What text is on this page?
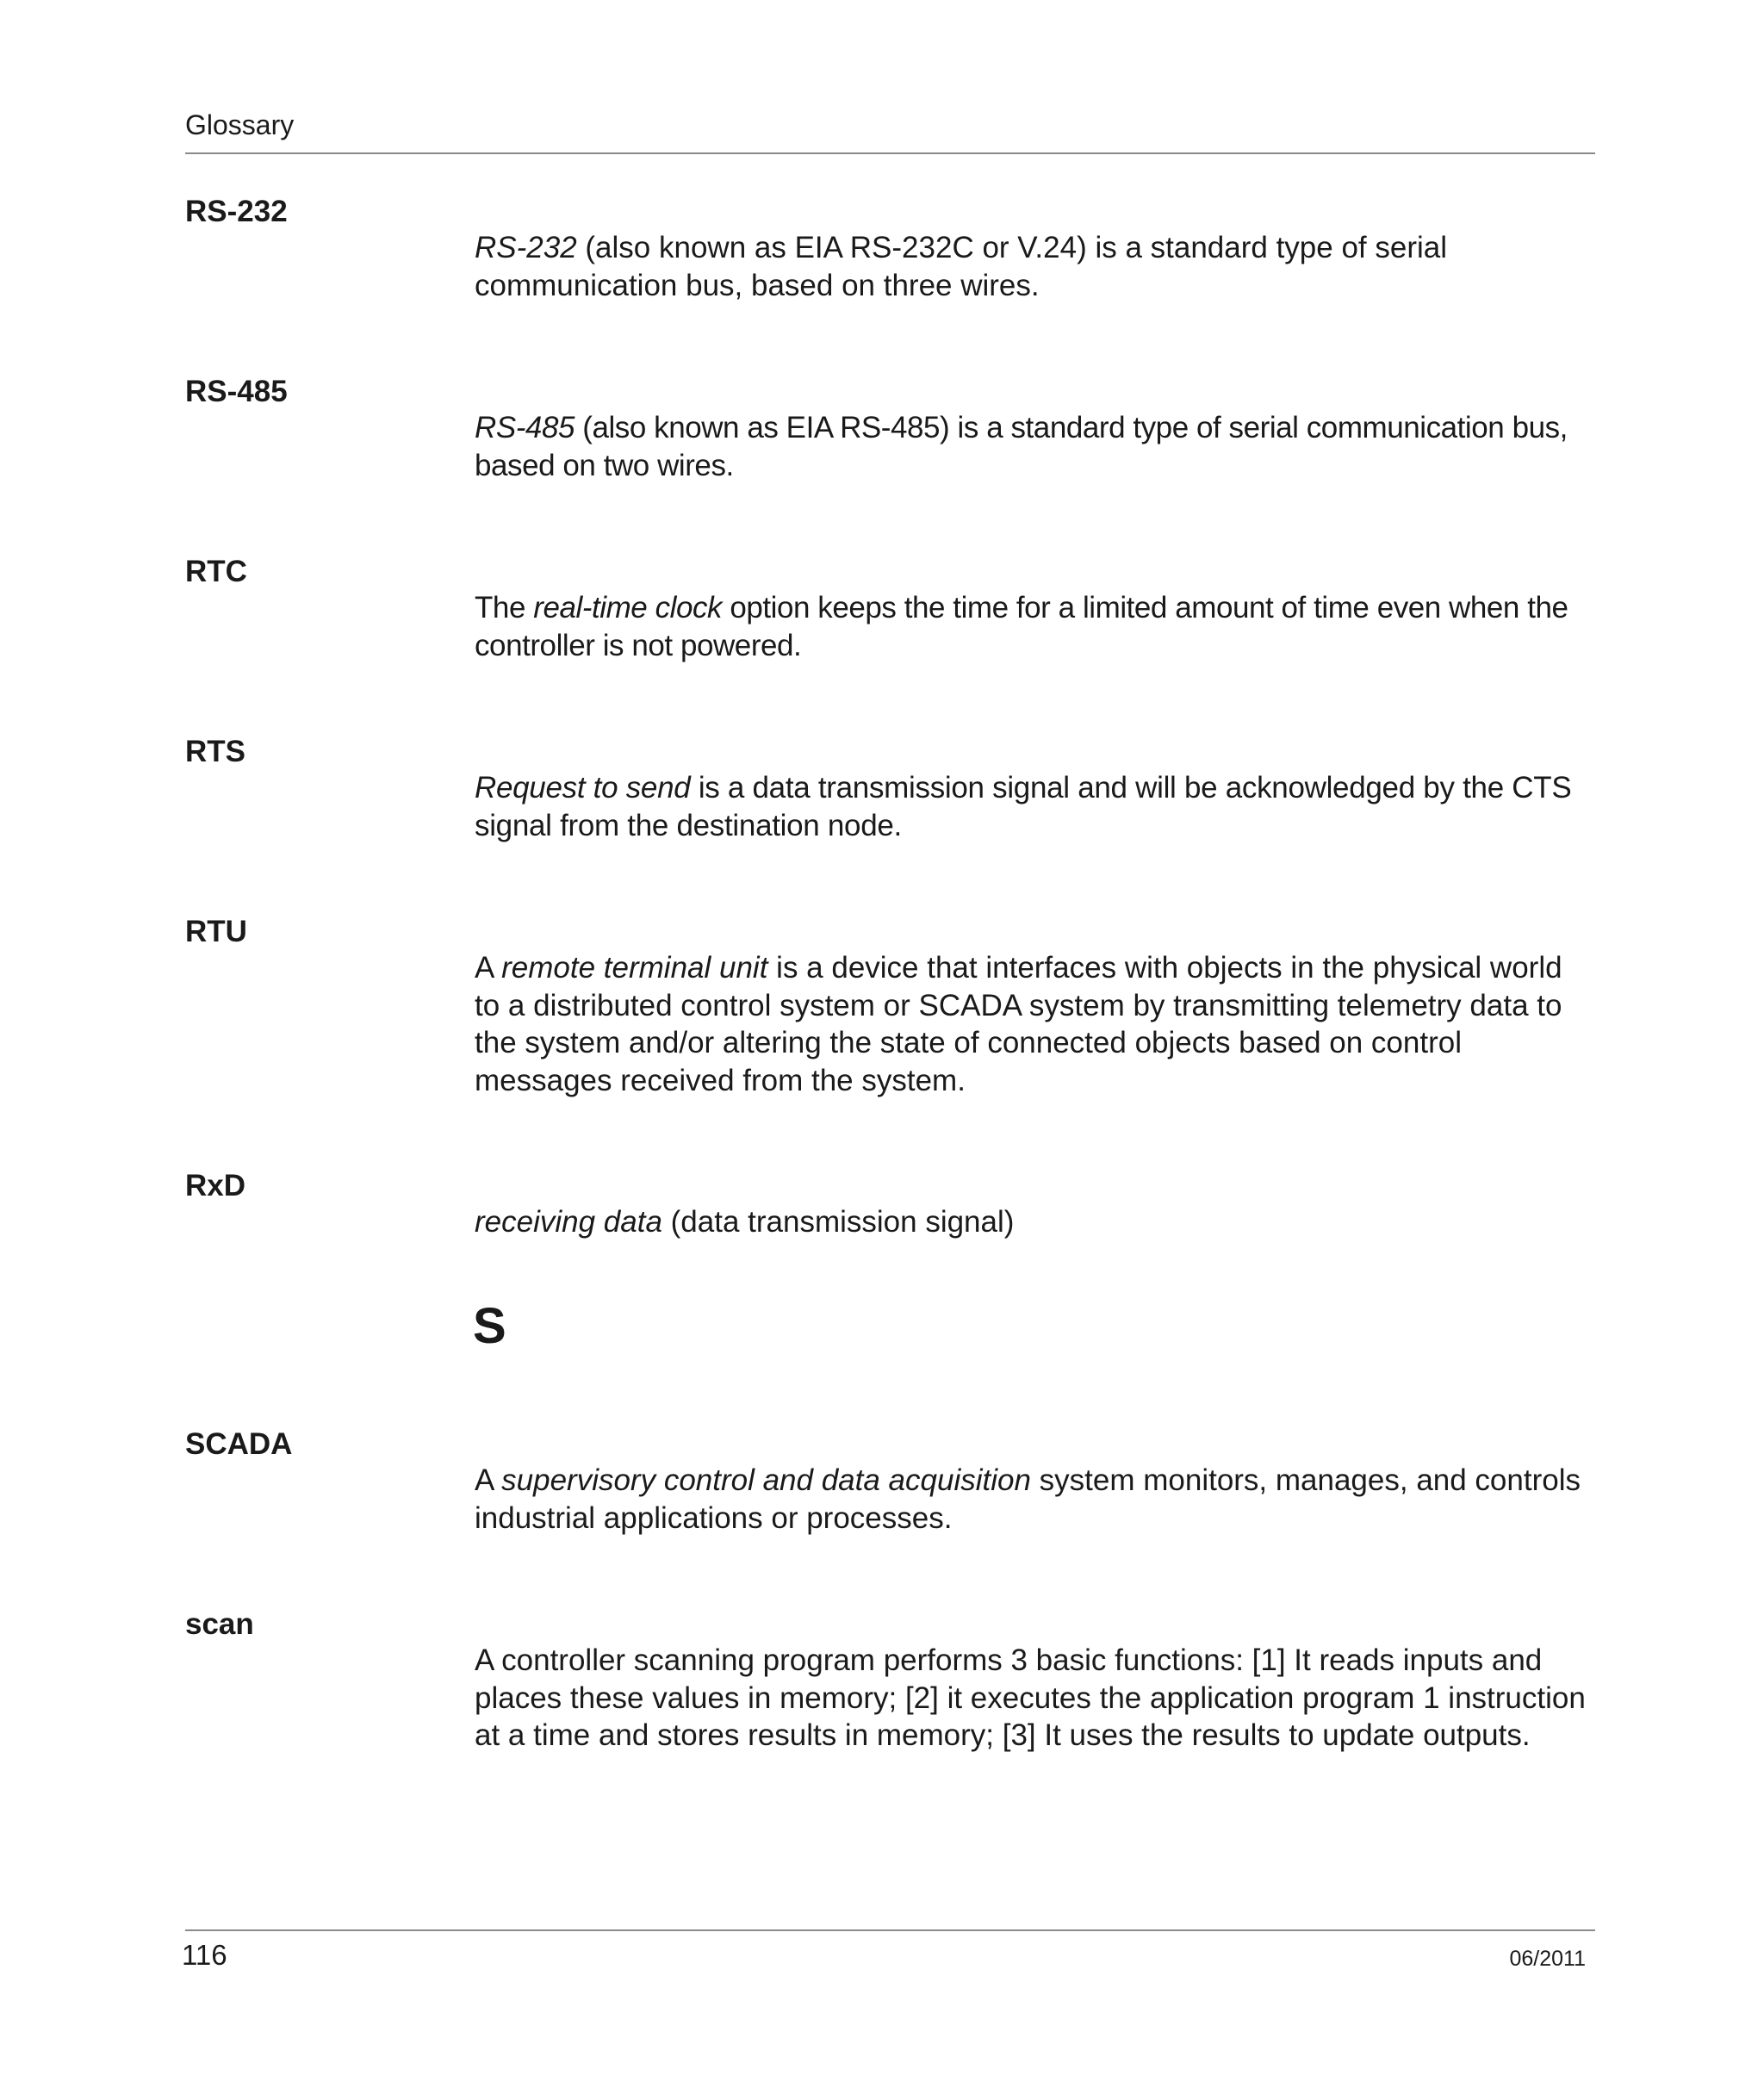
Glossary
RS-232
RS-232 (also known as EIA RS-232C or V.24) is a standard type of serial communication bus, based on three wires.
RS-485
RS-485 (also known as EIA RS-485) is a standard type of serial communication bus, based on two wires.
RTC
The real-time clock option keeps the time for a limited amount of time even when the controller is not powered.
RTS
Request to send is a data transmission signal and will be acknowledged by the CTS signal from the destination node.
RTU
A remote terminal unit is a device that interfaces with objects in the physical world to a distributed control system or SCADA system by transmitting telemetry data to the system and/or altering the state of connected objects based on control messages received from the system.
RxD
receiving data (data transmission signal)
S
SCADA
A supervisory control and data acquisition system monitors, manages, and controls industrial applications or processes.
scan
A controller scanning program performs 3 basic functions: [1] It reads inputs and places these values in memory; [2] it executes the application program 1 instruction at a time and stores results in memory; [3] It uses the results to update outputs.
116	06/2011
